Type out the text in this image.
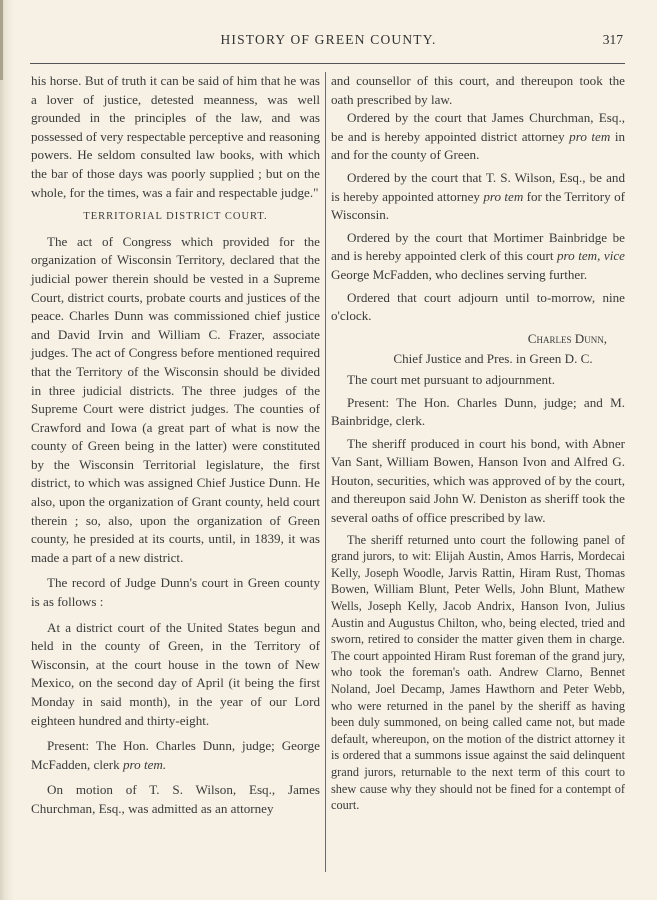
HISTORY OF GREEN COUNTY.	317

his horse. But of truth it can be said of him that he was a lover of justice, detested meanness, was well grounded in the principles of the law, and was possessed of very respectable perceptive and reasoning powers. He seldom consulted law books, with which the bar of those days was poorly supplied ; but on the whole, for the times, was a fair and respectable judge."

TERRITORIAL DISTRICT COURT.

The act of Congress which provided for the organization of Wisconsin Territory, declared that the judicial power therein should be vested in a Supreme Court, district courts, probate courts and justices of the peace. Charles Dunn was commissioned chief justice and David Irvin and William C. Frazer, associate judges. The act of Congress before mentioned required that the Territory of the Wisconsin should be divided in three judicial districts. The three judges of the Supreme Court were district judges. The counties of Crawford and Iowa (a great part of what is now the county of Green being in the latter) were constituted by the Wisconsin Territorial legislature, the first district, to which was assigned Chief Justice Dunn. He also, upon the organization of Grant county, held court therein ; so, also, upon the organization of Green county, he presided at its courts, until, in 1839, it was made a part of a new district.

The record of Judge Dunn's court in Green county is as follows :

At a district court of the United States begun and held in the county of Green, in the Territory of Wisconsin, at the court house in the town of New Mexico, on the second day of April (it being the first Monday in said month), in the year of our Lord eighteen hundred and thirty-eight.

Present: The Hon. Charles Dunn, judge; George McFadden, clerk pro tem.

On motion of T. S. Wilson, Esq., James Churchman, Esq., was admitted as an attorney

and counsellor of this court, and thereupon took the oath prescribed by law.

Ordered by the court that James Churchman, Esq., be and is hereby appointed district attorney pro tem in and for the county of Green.

Ordered by the court that T. S. Wilson, Esq., be and is hereby appointed attorney pro tem for the Territory of Wisconsin.

Ordered by the court that Mortimer Bainbridge be and is hereby appointed clerk of this court pro tem, vice George McFadden, who declines serving further.

Ordered that court adjourn until to-morrow, nine o'clock.

Charles Dunn,

Chief Justice and Pres. in Green D. C.

The court met pursuant to adjournment.

Present: The Hon. Charles Dunn, judge; and M. Bainbridge, clerk.

The sheriff produced in court his bond, with Abner Van Sant, William Bowen, Hanson Ivon and Alfred G. Houton, securities, which was approved of by the court, and thereupon said John W. Deniston as sheriff took the several oaths of office prescribed by law.

The sheriff returned unto court the following panel of grand jurors, to wit: Elijah Austin, Amos Harris, Mordecai Kelly, Joseph Woodle, Jarvis Rattin, Hiram Rust, Thomas Bowen, William Blunt, Peter Wells, John Blunt, Mathew Wells, Joseph Kelly, Jacob Andrix, Hanson Ivon, Julius Austin and Augustus Chilton, who, being elected, tried and sworn, retired to consider the matter given them in charge. The court appointed Hiram Rust foreman of the grand jury, who took the foreman's oath. Andrew Clarno, Bennet Noland, Joel Decamp, James Hawthorn and Peter Webb, who were returned in the panel by the sheriff as having been duly summoned, on being called came not, but made default, whereupon, on the motion of the district attorney it is ordered that a summons issue against the said delinquent grand jurors, returnable to the next term of this court to shew cause why they should not be fined for a contempt of court.
